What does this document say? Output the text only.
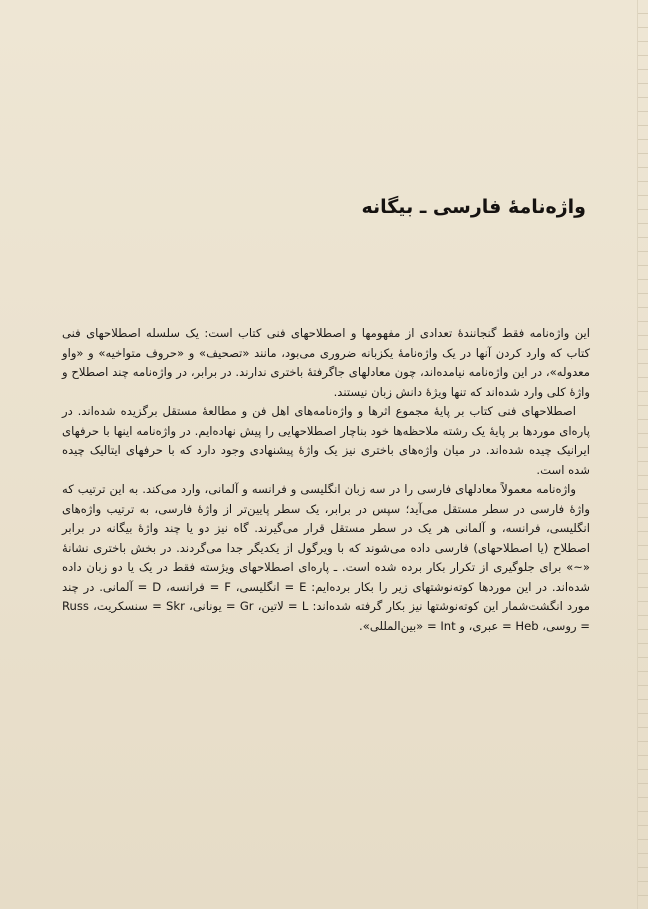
واژه‌نامهٔ فارسی ـ بیگانه

این واژه‌نامه فقط گنجانندهٔ تعدادی از مفهومها و اصطلاحهای فنی کتاب است: یک سلسله اصطلاحهای فنی کتاب که وارد کردن آنها در یک واژه‌نامهٔ یکزبانه ضروری می‌بود، مانند «تصحیف» و «حروف متواخیه» و «واو معدوله»، در این واژه‌نامه نیامده‌اند، چون معادلهای جاگرفتهٔ باختری ندارند. در برابر، در واژه‌نامه چند اصطلاح و واژهٔ کلی وارد شده‌اند که تنها ویژهٔ دانش زبان نیستند.

اصطلاحهای فنی کتاب بر پایهٔ مجموع اثرها و واژه‌نامه‌های اهل فن و مطالعهٔ مستقل برگزیده شده‌اند. در پاره‌ای موردها بر پایهٔ یک رشته ملاحظه‌ها خود بناچار اصطلاحهایی را پیش نهاده‌ایم. در واژه‌نامه اینها با حرفهای ایرانیک چیده شده‌اند. در میان واژه‌های باختری نیز یک واژهٔ پیشنهادی وجود دارد که با حرفهای ایتالیک چیده شده است.

واژه‌نامه معمولاً معادلهای فارسی را در سه زبان انگلیسی و فرانسه و آلمانی، وارد می‌کند. به این ترتیب که واژهٔ فارسی در سطر مستقل می‌آید؛ سپس در برابر، یک سطر پایین‌تر از واژهٔ فارسی، به ترتیب واژه‌های انگلیسی، فرانسه، و آلمانی هر یک در سطر مستقل قرار می‌گیرند. گاه نیز دو یا چند واژهٔ بیگانه در برابر اصطلاح (یا اصطلاحهای) فارسی داده می‌شوند که با ویرگول از یکدیگر جدا می‌گردند. در بخش باختری نشانهٔ «~» برای جلوگیری از تکرار بکار برده شده است. ـ پاره‌ای اصطلاحهای ویژسته فقط در یک یا دو زبان داده شده‌اند. در این موردها کوته‌نوشتهای زیر را بکار برده‌ایم: E = انگلیسی، F = فرانسه، D = آلمانی. در چند مورد انگشت‌شمار این کوته‌نوشتها نیز بکار گرفته شده‌اند: L = لاتین، Gr = یونانی، Skr = سنسکریت، Russ = روسی، Heb = عبری، و Int = «بین‌المللی».
